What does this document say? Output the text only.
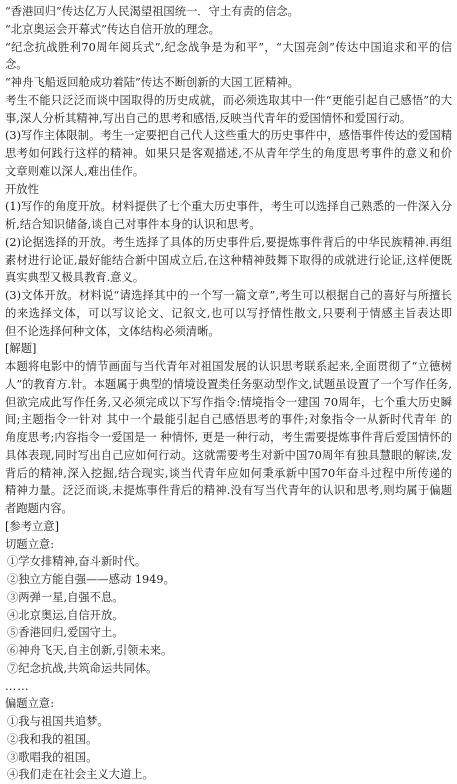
“香港回归”传达亿万人民渴望祖国统一．守土有责的信念。
“北京奥运会开幕式”传达自信开放的理念。
“纪念抗战胜利70周年阅兵式”,纪念战争是为和平”，“大国亮剑”传达中国追求和平的信
念。
“神舟飞船返回舱成功着陆”传达不断创新的大国工匠精神。
考生不能只泛泛而谈中国取得的历史成就，而必须选取其中一件“更能引起自己感悟”的大
事,深人分析其精神,写出自己的思考和感悟,反映当代青年的爱国情怀和爱国行动。
(3)写作主体限制。考生一定要把自己代人这些重大的历史事件中，感悟事件传达的爱国精
思考如何践行这样的精神。如果只是客观描述,不从青年学生的角度思考事件的意义和价
文章则难以深人,难出佳作。
开放性
(1)写作的角度开放。材料提供了七个重大历史事件，考生可以选择自己熟悉的一件深入分
析,结合知识储备,谈自己对事件本身的认识和思考。
(2)论据选择的开放。考生选择了具体的历史事件后,要提炼事件背后的中华民族精神.再组
素材进行论证,最好能结合新中国成立后,在这种精神鼓舞下取得的成就进行论证,这样便既
真实典型又极具教育.意义。
(3)文体开放。材料说“请选择其中的一个写一篇文章”,考生可以根据自己的喜好与所擅长
的来选择文体，可以写议论文、记叙文,也可以写抒情性散文,只要利于情感主旨表达即
但不论选择何种文体，文体结构必须清晰。
[解题]
本题将电影中的情节画面与当代青年对祖国发展的认识思考联系起来,全面贯彻了“立德树
人”的教育方.针。本题属于典型的情境设置类任务驱动型作文,试题虽设置了一个写作任务,
但欲完成此写作任务,又必须完成以下写作指令:情境指令一建国 70周年，七个重大历史瞬
间;主题指令一针对 其中一个最能引起自己感悟思考的事件;对象指令一从新时代青年 的
角度思考;内容指令一爱国是一 种情怀, 更是一种行动，考生需要提炼事件背后爱国情怀的
具体表现,同时写出自己应如何行动。这就需要考生对新中国70周年有独具慧眼的解读,发
背后的精神,深入挖掘,结合现实,谈当代青年应如何秉承新中国70年奋斗过程中所传递的
精神力量。泛泛而谈,未提炼事件背后的精神.没有写当代青年的认识和思考,则均属于偏题
者跑题内容。
[参考立意]
切题立意:
①学女排精神,奋斗新时代。
②独立方能自强——感动 1949。
③两弹一星,自强不息。
④北京奥运,自信开放。
⑤香港回归,爱国守土。
⑥神舟飞天,自主创新,引领未来。
⑦纪念抗战,共筑命运共同体。
……
偏题立意:
①我与祖国共追梦。
②我和我的祖国。
③歌唱我的祖国。
④我们走在社会主义大道上。
